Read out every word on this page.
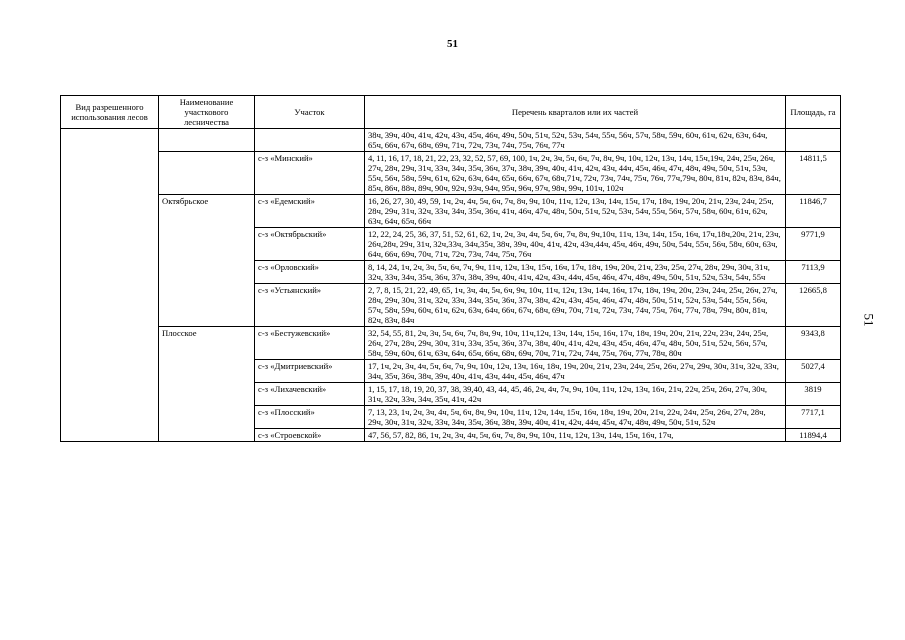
51
51
Вид разрешенного использования лесов	Наименование участкового лесничества	Участок	Перечень кварталов или их частей	Площадь, га
			38ч, 39ч, 40ч, 41ч, 42ч, 43ч, 45ч, 46ч, 49ч, 50ч, 51ч, 52ч, 53ч, 54ч, 55ч, 56ч, 57ч, 58ч, 59ч, 60ч, 61ч, 62ч, 63ч, 64ч, 65ч, 66ч, 67ч, 68ч, 69ч, 71ч, 72ч, 73ч, 74ч, 75ч, 76ч, 77ч	
		с-з «Минский»	4, 11, 16, 17, 18, 21, 22, 23, 32, 52, 57, 69, 100, 1ч, 2ч, 3ч, 5ч, 6ч, 7ч, 8ч, 9ч, 10ч, 12ч, 13ч, 14ч, 15ч,19ч, 24ч, 25ч, 26ч, 27ч, 28ч, 29ч, 31ч, 33ч, 34ч, 35ч, 36ч, 37ч, 38ч, 39ч, 40ч, 41ч, 42ч, 43ч, 44ч, 45ч, 46ч, 47ч, 48ч, 49ч, 50ч, 51ч, 53ч, 55ч, 56ч, 58ч, 59ч, 61ч, 62ч, 63ч, 64ч, 65ч, 66ч, 67ч, 68ч,71ч, 72ч, 73ч, 74ч, 75ч, 76ч, 77ч,79ч, 80ч, 81ч, 82ч, 83ч, 84ч, 85ч, 86ч, 88ч, 89ч, 90ч, 92ч, 93ч, 94ч, 95ч, 96ч, 97ч, 98ч, 99ч, 101ч, 102ч	14811,5
	Октябрьское	с-з «Едемский»	16, 26, 27, 30, 49, 59, 1ч, 2ч, 4ч, 5ч, 6ч, 7ч, 8ч, 9ч, 10ч, 11ч, 12ч, 13ч, 14ч, 15ч, 17ч, 18ч, 19ч, 20ч, 21ч, 23ч, 24ч, 25ч, 28ч, 29ч, 31ч, 32ч, 33ч, 34ч, 35ч, 36ч, 41ч, 46ч, 47ч, 48ч, 50ч, 51ч, 52ч, 53ч, 54ч, 55ч, 56ч, 57ч, 58ч, 60ч, 61ч, 62ч, 63ч, 64ч, 65ч, 66ч	11846,7
		с-з «Октябрьский»	12, 22, 24, 25, 36, 37, 51, 52, 61, 62, 1ч, 2ч, 3ч, 4ч, 5ч, 6ч, 7ч, 8ч, 9ч,10ч, 11ч, 13ч, 14ч, 15ч, 16ч, 17ч,18ч,20ч, 21ч, 23ч, 26ч,28ч, 29ч, 31ч, 32ч,33ч, 34ч,35ч, 38ч, 39ч, 40ч, 41ч, 42ч, 43ч,44ч, 45ч, 46ч, 49ч, 50ч, 54ч, 55ч, 56ч, 58ч, 60ч, 63ч, 64ч, 66ч, 69ч, 70ч, 71ч, 72ч, 73ч, 74ч, 75ч, 76ч	9771,9
		с-з «Орловский»	8, 14, 24, 1ч, 2ч, 3ч, 5ч, 6ч, 7ч, 9ч, 11ч, 12ч, 13ч, 15ч, 16ч, 17ч, 18ч, 19ч, 20ч, 21ч, 23ч, 25ч, 27ч, 28ч, 29ч, 30ч, 31ч, 32ч, 33ч, 34ч, 35ч, 36ч, 37ч, 38ч, 39ч, 40ч, 41ч, 42ч, 43ч, 44ч, 45ч, 46ч, 47ч, 48ч, 49ч, 50ч, 51ч, 52ч, 53ч, 54ч, 55ч	7113,9
		с-з «Устьянский»	2, 7, 8, 15, 21, 22, 49, 65, 1ч, 3ч, 4ч, 5ч, 6ч, 9ч, 10ч, 11ч, 12ч, 13ч, 14ч, 16ч, 17ч, 18ч, 19ч, 20ч, 23ч, 24ч, 25ч, 26ч, 27ч, 28ч, 29ч, 30ч, 31ч, 32ч, 33ч, 34ч, 35ч, 36ч, 37ч, 38ч, 42ч, 43ч, 45ч, 46ч, 47ч, 48ч, 50ч, 51ч, 52ч, 53ч, 54ч, 55ч, 56ч, 57ч, 58ч, 59ч, 60ч, 61ч, 62ч, 63ч, 64ч, 66ч, 67ч, 68ч, 69ч, 70ч, 71ч, 72ч, 73ч, 74ч, 75ч, 76ч, 77ч, 78ч, 79ч, 80ч, 81ч, 82ч, 83ч, 84ч	12665,8
	Плосское	с-з «Бестужевский»	32, 54, 55, 81, 2ч, 3ч, 5ч, 6ч, 7ч, 8ч, 9ч, 10ч, 11ч,12ч, 13ч, 14ч, 15ч, 16ч, 17ч, 18ч, 19ч, 20ч, 21ч, 22ч, 23ч, 24ч, 25ч, 26ч, 27ч, 28ч, 29ч, 30ч, 31ч, 33ч, 35ч, 36ч, 37ч, 38ч, 40ч, 41ч, 42ч, 43ч, 45ч, 46ч, 47ч, 48ч, 50ч, 51ч, 52ч, 56ч, 57ч, 58ч, 59ч, 60ч, 61ч, 63ч, 64ч, 65ч, 66ч, 68ч, 69ч, 70ч, 71ч, 72ч, 74ч, 75ч, 76ч, 77ч, 78ч, 80ч	9343,8
		с-з «Дмитриевский»	17, 1ч, 2ч, 3ч, 4ч, 5ч, 6ч, 7ч, 9ч, 10ч, 12ч, 13ч, 16ч, 18ч, 19ч, 20ч, 21ч, 23ч, 24ч, 25ч, 26ч, 27ч, 29ч, 30ч, 31ч, 32ч, 33ч, 34ч, 35ч, 36ч, 38ч, 39ч, 40ч, 41ч, 43ч, 44ч, 45ч, 46ч, 47ч	5027,4
		с-з «Лихачевский»	1, 15, 17, 18, 19, 20, 37, 38, 39,40, 43, 44, 45, 46, 2ч, 4ч, 7ч, 9ч, 10ч, 11ч, 12ч, 13ч, 16ч, 21ч, 22ч, 25ч, 26ч, 27ч, 30ч, 31ч, 32ч, 33ч, 34ч, 35ч, 41ч, 42ч	3819
		с-з «Плосский»	7, 13, 23, 1ч, 2ч, 3ч, 4ч, 5ч, 6ч, 8ч, 9ч, 10ч, 11ч, 12ч, 14ч, 15ч, 16ч, 18ч, 19ч, 20ч, 21ч, 22ч, 24ч, 25ч, 26ч, 27ч, 28ч, 29ч, 30ч, 31ч, 32ч, 33ч, 34ч, 35ч, 36ч, 38ч, 39ч, 40ч, 41ч, 42ч, 44ч, 45ч, 47ч, 48ч, 49ч, 50ч, 51ч, 52ч	7717,1
		с-з «Строевской»	47, 56, 57, 82, 86, 1ч, 2ч, 3ч, 4ч, 5ч, 6ч, 7ч, 8ч, 9ч, 10ч, 11ч, 12ч, 13ч, 14ч, 15ч, 16ч, 17ч,	11894,4
